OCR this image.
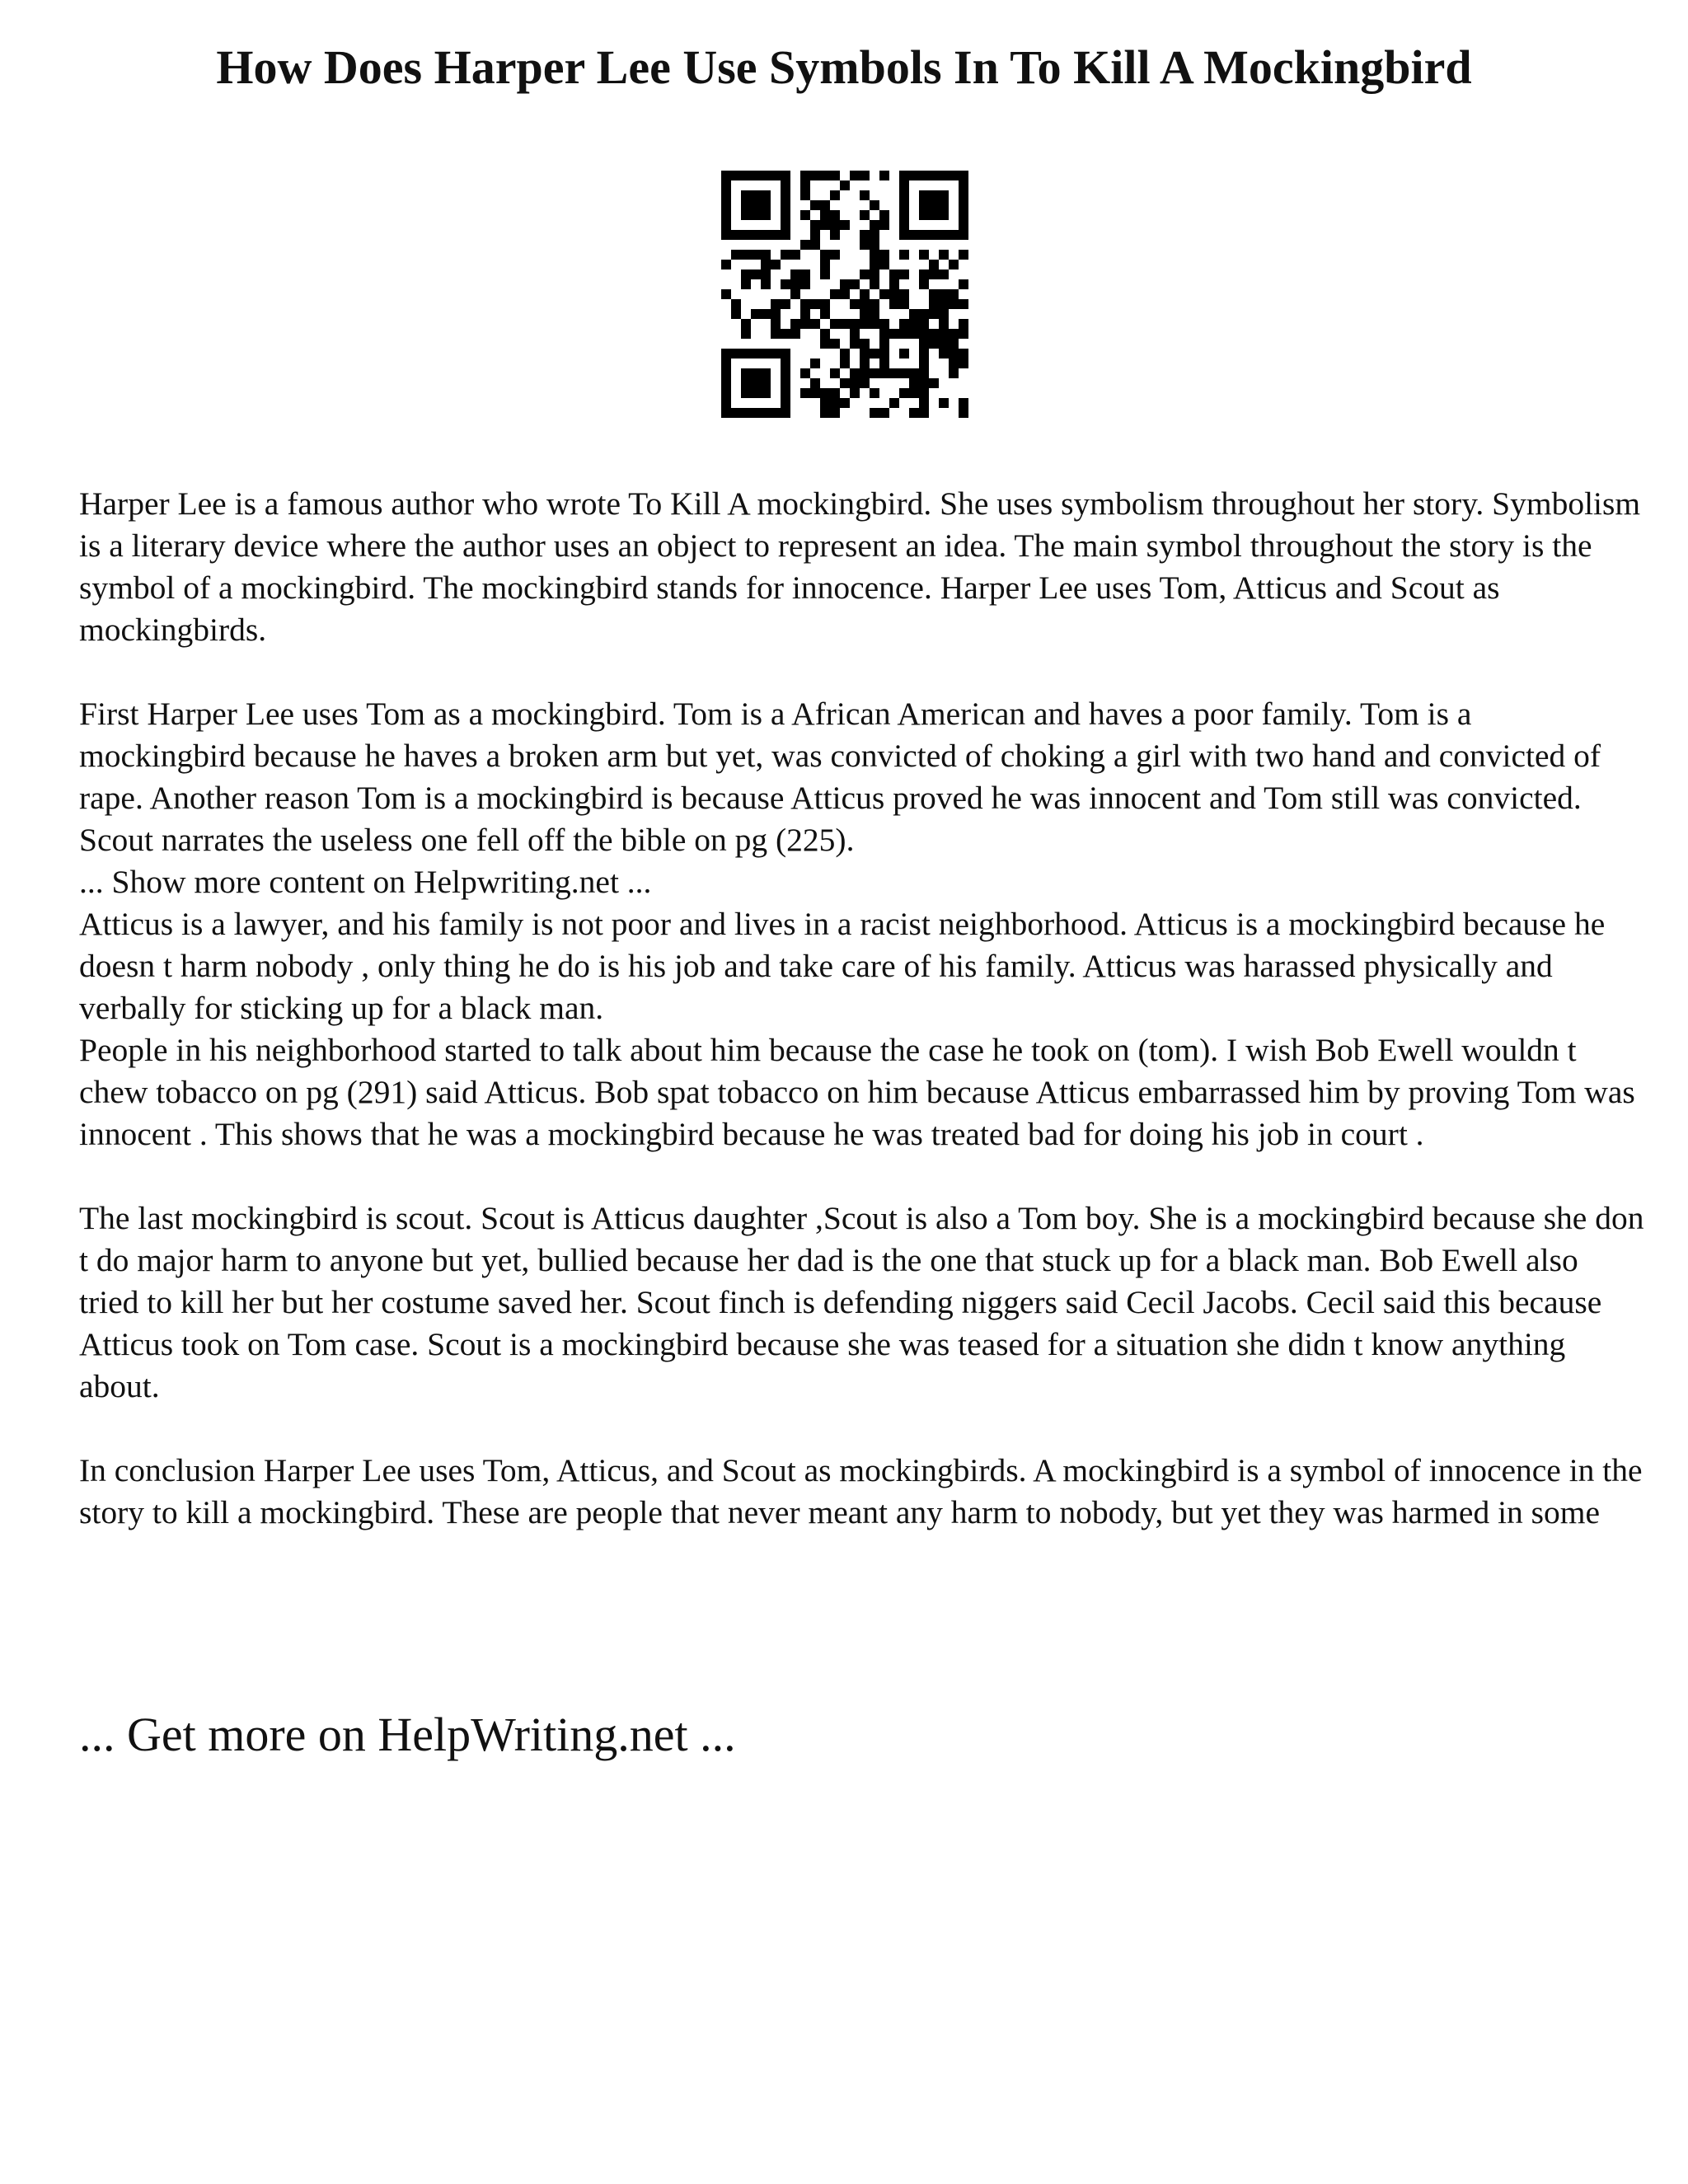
How Does Harper Lee Use Symbols In To Kill A Mockingbird

Harper Lee is a famous author who wrote To Kill A mockingbird. She uses symbolism throughout her story. Symbolism is a literary device where the author uses an object to represent an idea. The main symbol throughout the story is the symbol of a mockingbird. The mockingbird stands for innocence. Harper Lee uses Tom, Atticus and Scout as mockingbirds.

First Harper Lee uses Tom as a mockingbird. Tom is a African American and haves a poor family. Tom is a mockingbird because he haves a broken arm but yet, was convicted of choking a girl with two hand and convicted of rape. Another reason Tom is a mockingbird is because Atticus proved he was innocent and Tom still was convicted. Scout narrates the useless one fell off the bible on pg (225).

... Show more content on Helpwriting.net ...

Atticus is a lawyer, and his family is not poor and lives in a racist neighborhood. Atticus is a mockingbird because he doesn t harm nobody , only thing he do is his job and take care of his family. Atticus was harassed physically and verbally for sticking up for a black man.

People in his neighborhood started to talk about him because the case he took on (tom). I wish Bob Ewell wouldn t chew tobacco on pg (291) said Atticus. Bob spat tobacco on him because Atticus embarrassed him by proving Tom was innocent . This shows that he was a mockingbird because he was treated bad for doing his job in court .

The last mockingbird is scout. Scout is Atticus daughter ,Scout is also a Tom boy. She is a mockingbird because she don t do major harm to anyone but yet, bullied because her dad is the one that stuck up for a black man. Bob Ewell also tried to kill her but her costume saved her. Scout finch is defending niggers said Cecil Jacobs. Cecil said this because Atticus took on Tom case. Scout is a mockingbird because she was teased for a situation she didn t know anything about.

In conclusion Harper Lee uses Tom, Atticus, and Scout as mockingbirds. A mockingbird is a symbol of innocence in the story to kill a mockingbird. These are people that never meant any harm to nobody, but yet they was harmed in some

... Get more on HelpWriting.net ...
